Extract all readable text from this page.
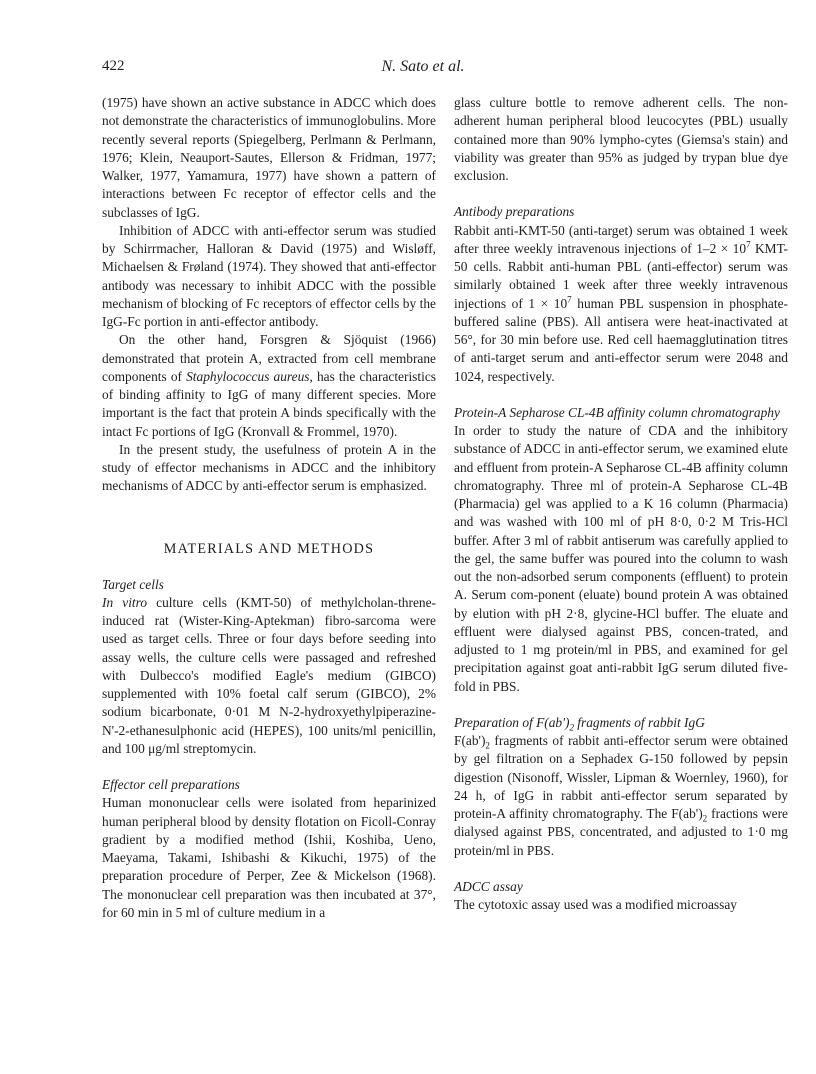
422	N. Sato et al.

(1975) have shown an active substance in ADCC which does not demonstrate the characteristics of immunoglobulins. More recently several reports (Spiegelberg, Perlmann & Perlmann, 1976; Klein, Neauport-Sautes, Ellerson & Fridman, 1977; Walker, 1977, Yamamura, 1977) have shown a pattern of interactions between Fc receptor of effector cells and the subclasses of IgG.

Inhibition of ADCC with anti-effector serum was studied by Schirrmacher, Halloran & David (1975) and Wisløff, Michaelsen & Frøland (1974). They showed that anti-effector antibody was necessary to inhibit ADCC with the possible mechanism of blocking of Fc receptors of effector cells by the IgG-Fc portion in anti-effector antibody.

On the other hand, Forsgren & Sjöquist (1966) demonstrated that protein A, extracted from cell membrane components of Staphylococcus aureus, has the characteristics of binding affinity to IgG of many different species. More important is the fact that protein A binds specifically with the intact Fc portions of IgG (Kronvall & Frommel, 1970).

In the present study, the usefulness of protein A in the study of effector mechanisms in ADCC and the inhibitory mechanisms of ADCC by anti-effector serum is emphasized.

MATERIALS AND METHODS
Target cells

In vitro culture cells (KMT-50) of methylcholan-threne-induced rat (Wister-King-Aptekman) fibro-sarcoma were used as target cells. Three or four days before seeding into assay wells, the culture cells were passaged and refreshed with Dulbecco's modified Eagle's medium (GIBCO) supplemented with 10% foetal calf serum (GIBCO), 2% sodium bicarbonate, 0·01 M N-2-hydroxyethylpiperazine-N'-2-ethanesulphonic acid (HEPES), 100 units/ml penicillin, and 100 μg/ml streptomycin.

Effector cell preparations

Human mononuclear cells were isolated from heparinized human peripheral blood by density flotation on Ficoll-Conray gradient by a modified method (Ishii, Koshiba, Ueno, Maeyama, Takami, Ishibashi & Kikuchi, 1975) of the preparation procedure of Perper, Zee & Mickelson (1968). The mononuclear cell preparation was then incubated at 37°, for 60 min in 5 ml of culture medium in a

glass culture bottle to remove adherent cells. The non-adherent human peripheral blood leucocytes (PBL) usually contained more than 90% lympho-cytes (Giemsa's stain) and viability was greater than 95% as judged by trypan blue dye exclusion.

Antibody preparations

Rabbit anti-KMT-50 (anti-target) serum was obtained 1 week after three weekly intravenous injections of $1-2 \times 10^7$ KMT-50 cells. Rabbit anti-human PBL (anti-effector) serum was similarly obtained 1 week after three weekly intravenous injections of $1 \times 10^7$ human PBL suspension in phosphate-buffered saline (PBS). All antisera were heat-inactivated at 56°, for 30 min before use. Red cell haemagglutination titres of anti-target serum and anti-effector serum were 2048 and 1024, respectively.

Protein-A Sepharose CL-4B affinity column chromatography

In order to study the nature of CDA and the inhibitory substance of ADCC in anti-effector serum, we examined elute and effluent from protein-A Sepharose CL-4B affinity column chromatography. Three ml of protein-A Sepharose CL-4B (Pharmacia) gel was applied to a K 16 column (Pharmacia) and was washed with 100 ml of pH 8·0, 0·2 M Tris-HCl buffer. After 3 ml of rabbit antiserum was carefully applied to the gel, the same buffer was poured into the column to wash out the non-adsorbed serum components (effluent) to protein A. Serum com-ponent (eluate) bound protein A was obtained by elution with pH 2·8, glycine-HCl buffer. The eluate and effluent were dialysed against PBS, concen-trated, and adjusted to 1 mg protein/ml in PBS, and examined for gel precipitation against goat anti-rabbit IgG serum diluted five-fold in PBS.

Preparation of $F(ab')_2$ fragments of rabbit IgG

$F(ab')_2$ fragments of rabbit anti-effector serum were obtained by gel filtration on a Sephadex G-150 followed by pepsin digestion (Nisonoff, Wissler, Lipman & Woernley, 1960), for 24 h, of IgG in rabbit anti-effector serum separated by protein-A affinity chromatography. The $F(ab')_2$ fractions were dialysed against PBS, concentrated, and adjusted to 1·0 mg protein/ml in PBS.

ADCC assay

The cytotoxic assay used was a modified microassay
